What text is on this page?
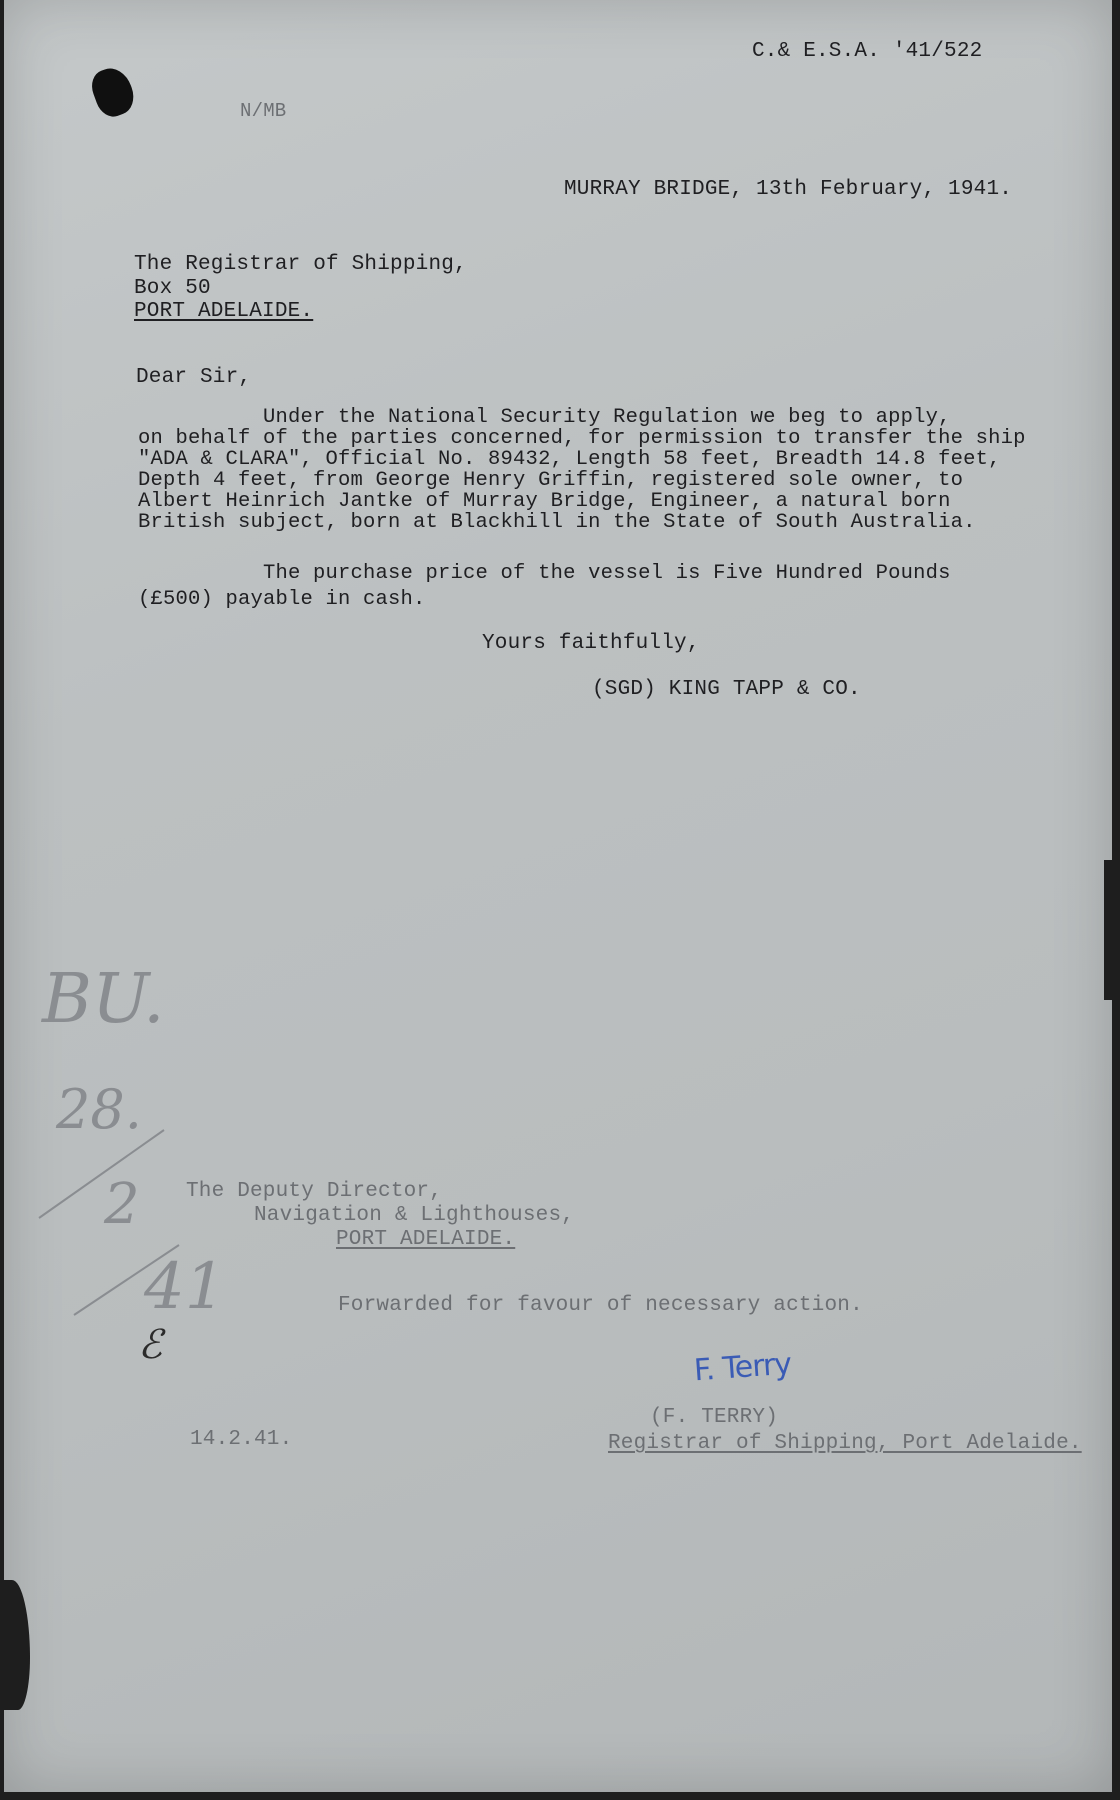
C.& E.S.A. '41/522
N/MB
MURRAY BRIDGE, 13th February, 1941.
The Registrar of Shipping,
Box 50
PORT ADELAIDE.
Dear Sir,
Under the National Security Regulation we beg to apply,
on behalf of the parties concerned, for permission to transfer the ship
"ADA & CLARA", Official No. 89432, Length 58 feet, Breadth 14.8 feet,
Depth 4 feet, from George Henry Griffin, registered sole owner, to
Albert Heinrich Jantke of Murray Bridge, Engineer, a natural born
British subject, born at Blackhill in the State of South Australia.
The purchase price of the vessel is Five Hundred Pounds
(£500) payable in cash.
Yours faithfully,
(SGD) KING TAPP & CO.
BU.
28.
2
41
ℰ
The Deputy Director,
Navigation & Lighthouses,
PORT ADELAIDE.
Forwarded for favour of necessary action.
F. Terry
(F. TERRY)
Registrar of Shipping, Port Adelaide.
14.2.41.
